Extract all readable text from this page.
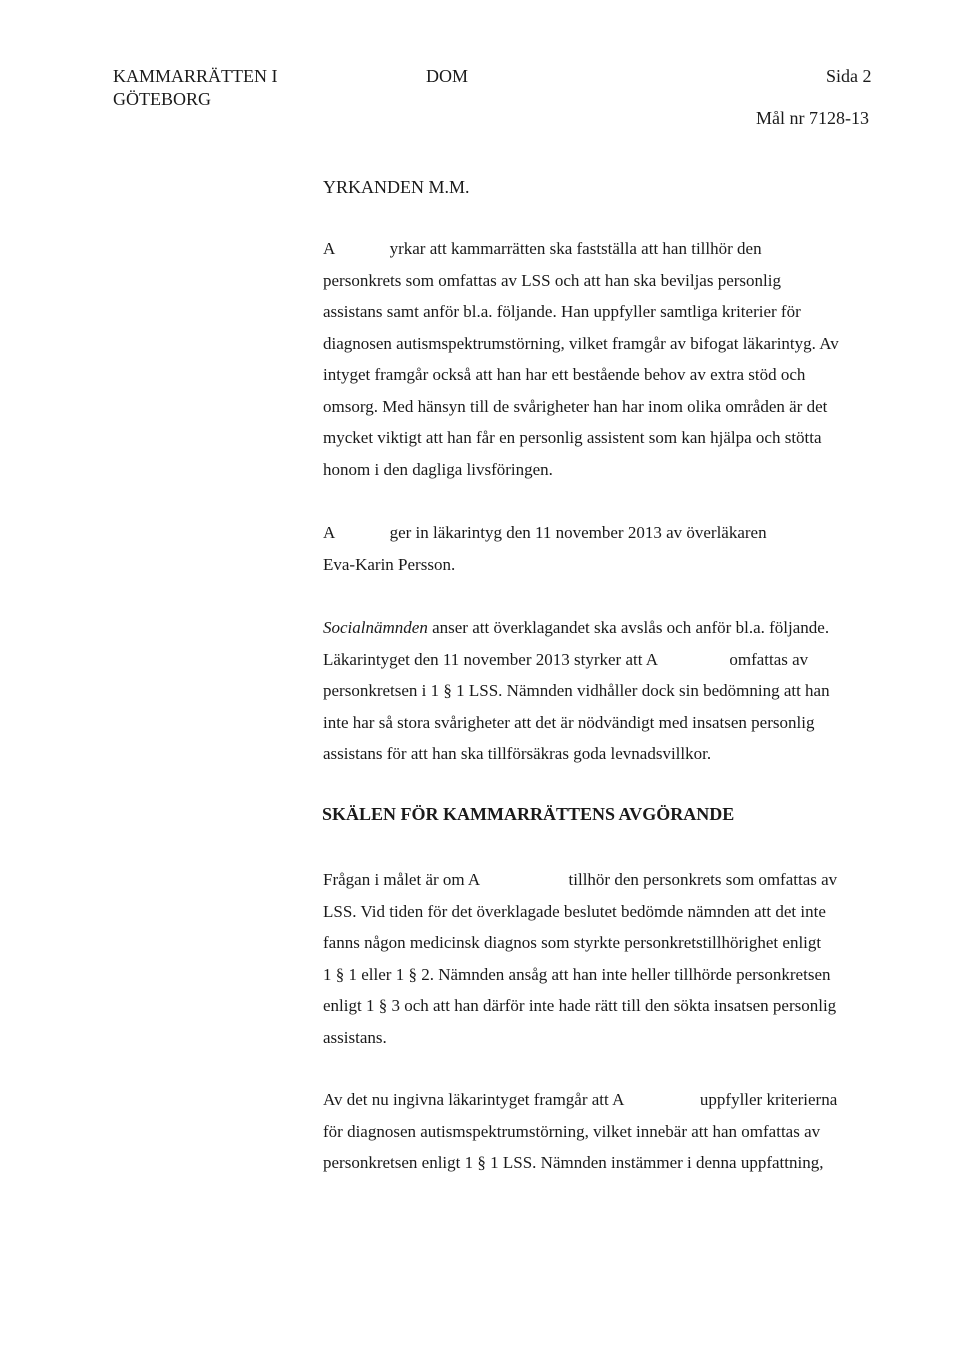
KAMMARRÄTTEN I
GÖTEBORG
DOM	Sida 2
Mål nr 7128-13
YRKANDEN M.M.
A             yrkar att kammarrätten ska fastställa att han tillhör den
personkrets som omfattas av LSS och att han ska beviljas personlig
assistans samt anför bl.a. följande. Han uppfyller samtliga kriterier för
diagnosen autismspektrumstörning, vilket framgår av bifogat läkarintyg. Av
intyget framgår också att han har ett bestående behov av extra stöd och
omsorg. Med hänsyn till de svårigheter han har inom olika områden är det
mycket viktigt att han får en personlig assistent som kan hjälpa och stötta
honom i den dagliga livsföringen.
A             ger in läkarintyg den 11 november 2013 av överläkaren
Eva-Karin Persson.
Socialnämnden anser att överklagandet ska avslås och anför bl.a. följande.
Läkarintyget den 11 november 2013 styrker att A                 omfattas av
personkretsen i 1 § 1 LSS. Nämnden vidhåller dock sin bedömning att han
inte har så stora svårigheter att det är nödvändigt med insatsen personlig
assistans för att han ska tillförsäkras goda levnadsvillkor.
SKÄLEN FÖR KAMMARRÄTTENS AVGÖRANDE
Frågan i målet är om A                     tillhör den personkrets som omfattas av
LSS. Vid tiden för det överklagade beslutet bedömde nämnden att det inte
fanns någon medicinsk diagnos som styrkte personkretstillhörighet enligt
1 § 1 eller 1 § 2. Nämnden ansåg att han inte heller tillhörde personkretsen
enligt 1 § 3 och att han därför inte hade rätt till den sökta insatsen personlig
assistans.
Av det nu ingivna läkarintyget framgår att A                  uppfyller kriterierna
för diagnosen autismspektrumstörning, vilket innebär att han omfattas av
personkretsen enligt 1 § 1 LSS. Nämnden instämmer i denna uppfattning,
